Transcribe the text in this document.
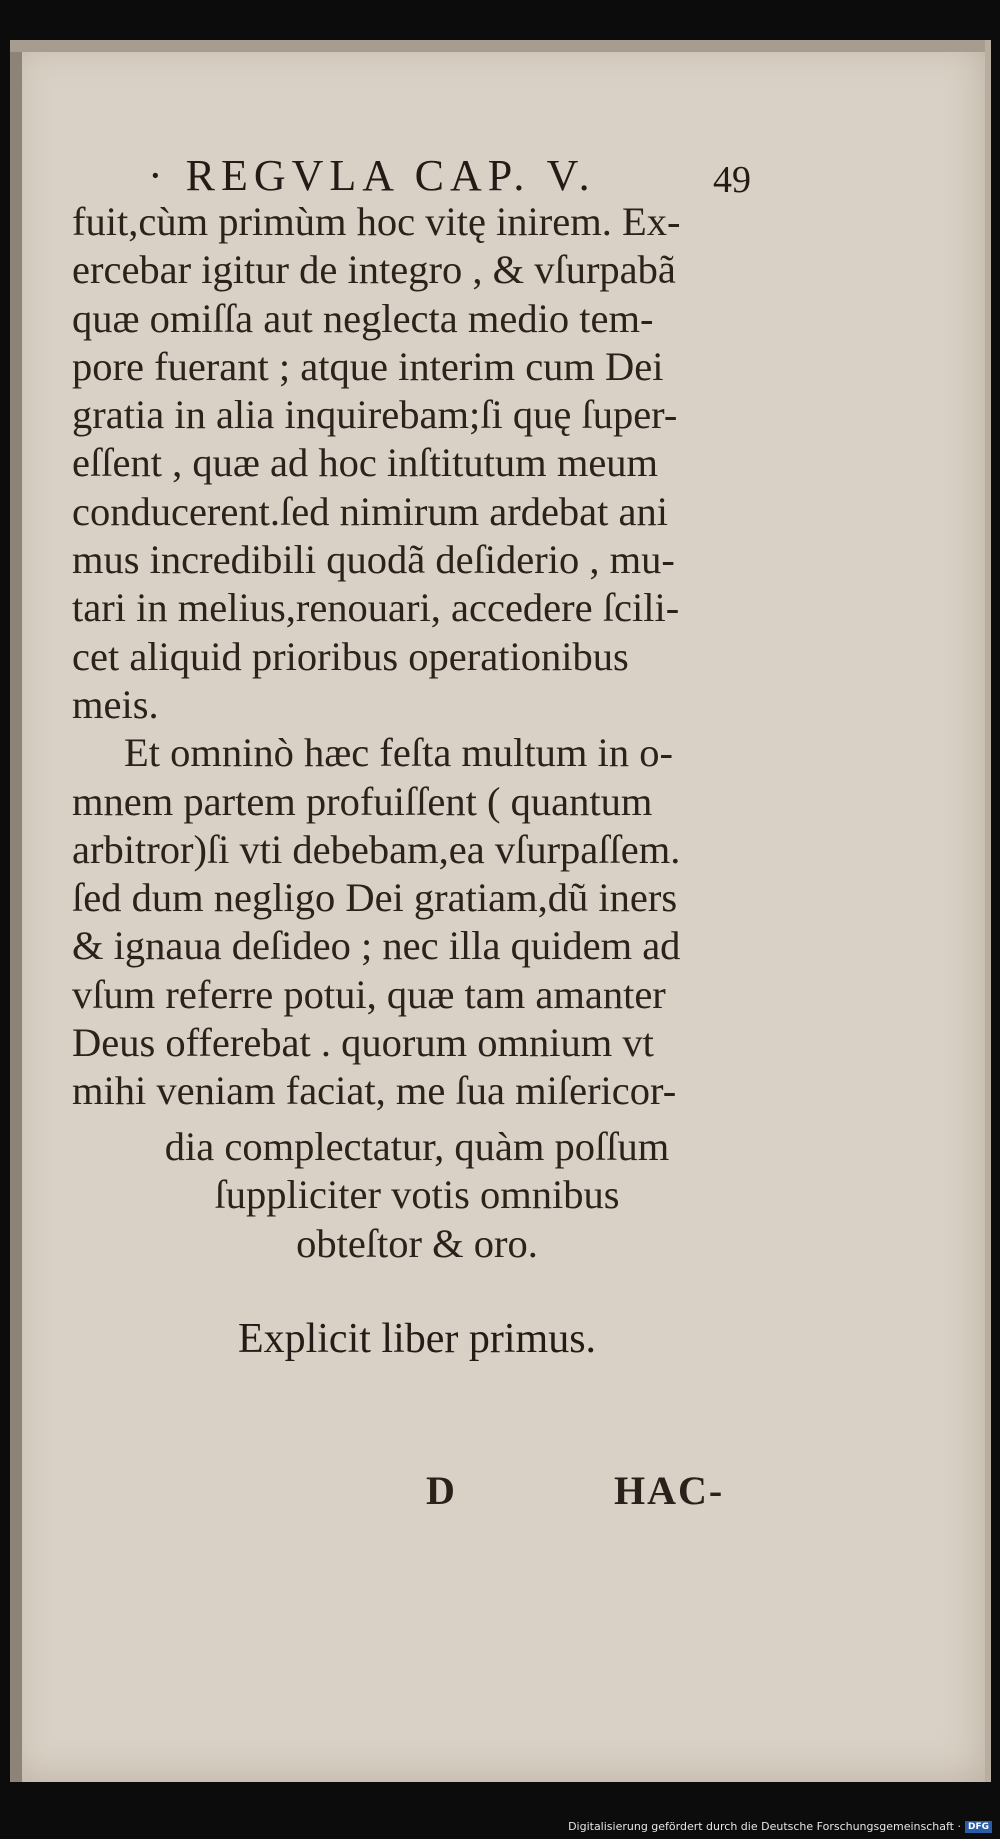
· REGVLA CAP. V.	49
fuit,cùm primùm hoc vitę inirem. Ex-
ercebar igitur de integro , & vſurpabã
quæ omiſſa aut neglecta medio tem-
pore fuerant ; atque interim cum Dei
gratia in alia inquirebam;ſi quę ſuper-
eſſent , quæ ad hoc inſtitutum meum
conducerent.ſed nimirum ardebat ani
mus incredibili quodã deſiderio , mu-
tari in melius,renouari, accedere ſcili-
cet aliquid prioribus operationibus
meis.
Et omninò hæc feſta multum in o-
mnem partem profuiſſent ( quantum
arbitror)ſi vti debebam,ea vſurpaſſem.
ſed dum negligo Dei gratiam,dũ iners
& ignaua deſideo ; nec illa quidem ad
vſum referre potui, quæ tam amanter
Deus offerebat . quorum omnium vt
mihi veniam faciat, me ſua miſericor-
dia complectatur, quàm poſſum
ſuppliciter votis omnibus
obteſtor & oro.
Explicit liber primus.
D	HAC-
Digitalisierung gefördert durch die Deutsche Forschungsgemeinschaft · DFG
